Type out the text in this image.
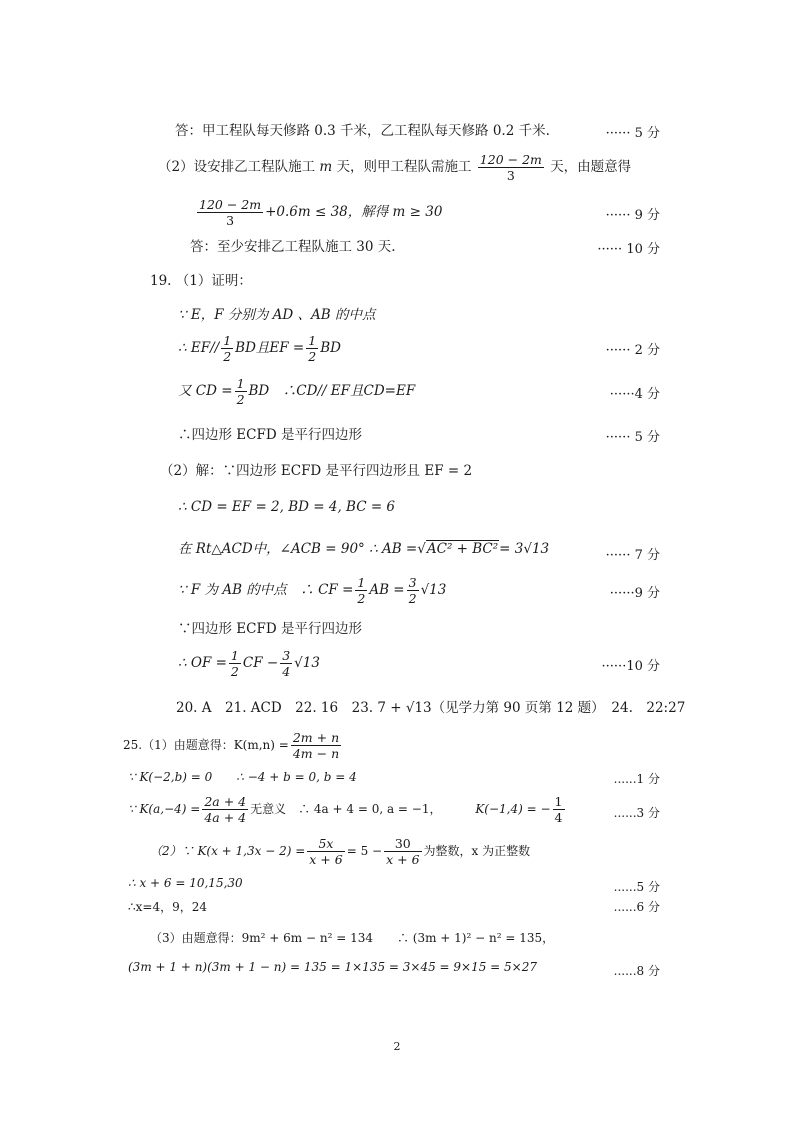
答：甲工程队每天修路 0.3 千米，乙工程队每天修路 0.2 千米.	······ 5 分
（2）设安排乙工程队施工 m 天，则甲工程队需施工 $\frac{120 - 2m}{3}$ 天，由题意得
$\frac{120 - 2m}{3} +0.6m \le 38$，解得 m ≥ 30	······ 9 分
答：至少安排乙工程队施工 30 天.	······ 10 分
19. （1）证明：
∵ E，F 分别为 AD 、AB 的中点
∴ $EF// \frac{1}{2}$ BD且EF = $\frac{1}{2}$ BD	······ 2 分
又 CD = $\frac{1}{2}$ BD　∴CD// EF且CD=EF	······4 分
∴四边形 ECFD 是平行四边形	······ 5 分
（2）解：∵四边形 ECFD 是平行四边形且 EF = 2
∴ CD = EF = 2, BD = 4, BC = 6
在 Rt△ACD中，∠ACB = 90° ∴ AB =√AC² + BC²= 3√13	······ 7 分
∵ F 为 AB 的中点　∴ CF = $\frac{1}{2}$ AB = $\frac{3}{2} √13$	······9 分
∵四边形 ECFD 是平行四边形
∴ OF = $\frac{1}{2}$ CF − $\frac{3}{4} √13$	······10 分
20. A　21. ACD　22. 16　23. 7 + √13（见学力第 90 页第 12 题）　24.　22:27
25.（1）由题意得：$K(m,n) = \frac{2m + n}{4m - n}$
∵ K(−2,b) = 0　　∴ −4 + b = 0, b = 4	......1 分
∵ $K(a,-4) = \frac{2a + 4}{4a + 4}$ 无意义　∴ 4a + 4 = 0, a = −1，	K(−1,4) = − $\frac{1}{4}$	......3 分
（2）∵ $K(x + 1,3x - 2) = \frac{5x}{x + 6} = 5 - \frac{30}{x + 6}$ 为整数，x 为正整数
∴ x + 6 = 10,15,30	......5 分
∴x=4，9，24	......6 分
（3）由题意得：9m² + 6m − n² = 134　　∴ (3m + 1)² − n² = 135，
(3m + 1 + n)(3m + 1 − n) = 135 = 1×135 = 3×45 = 9×15 = 5×27	......8 分
2
